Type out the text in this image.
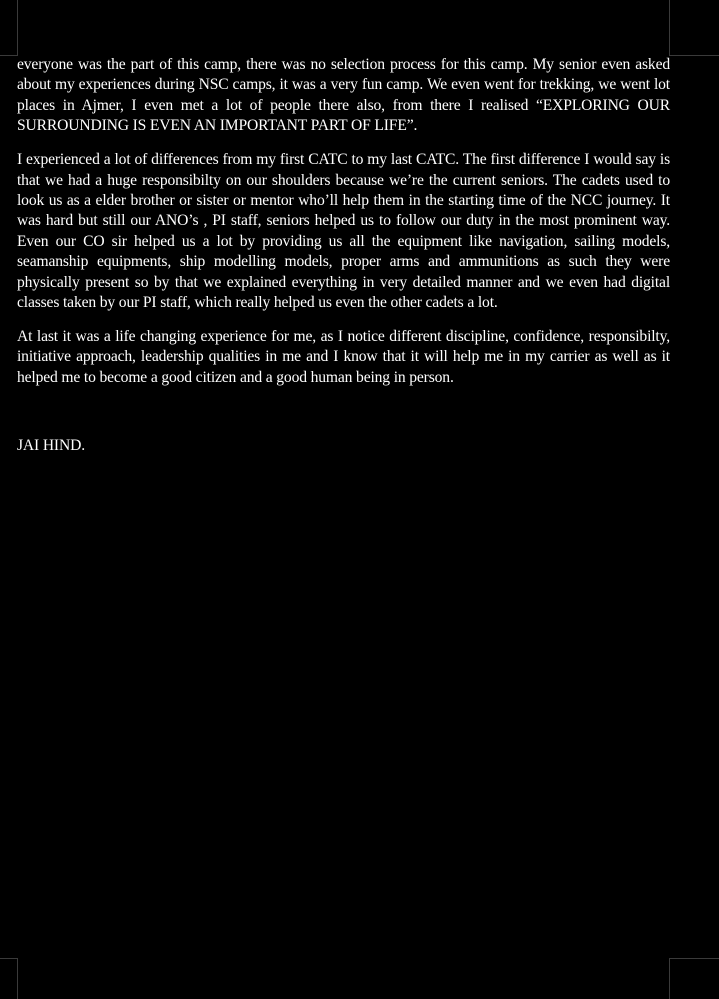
everyone was the part of this camp, there was no selection process for this camp. My senior even asked about my experiences during NSC camps, it was a very fun camp. We even went for trekking, we went lot places in Ajmer, I even met a lot of people there also, from there I realised “EXPLORING OUR SURROUNDING IS EVEN AN IMPORTANT PART OF LIFE”.

I experienced a lot of differences from my first CATC to my last CATC. The first difference I would say is that we had a huge responsibilty on our shoulders because we’re the current seniors. The cadets used to look us as a elder brother or sister or mentor who’ll help them in the starting time of the NCC journey. It was hard but still our ANO’s , PI staff, seniors helped us to follow our duty in the most prominent way. Even our CO sir helped us a lot by providing us all the equipment like navigation, sailing models, seamanship equipments, ship modelling models, proper arms and ammunitions as such they were physically present so by that we explained everything in very detailed manner and we even had digital classes taken by our PI staff, which really helped us even the other cadets a lot.

At last it was a life changing experience for me, as I notice different discipline, confidence, responsibilty, initiative approach, leadership qualities in me and I know that it will help me in my carrier as well as it helped me to become a good citizen and a good human being in person.

JAI HIND.
